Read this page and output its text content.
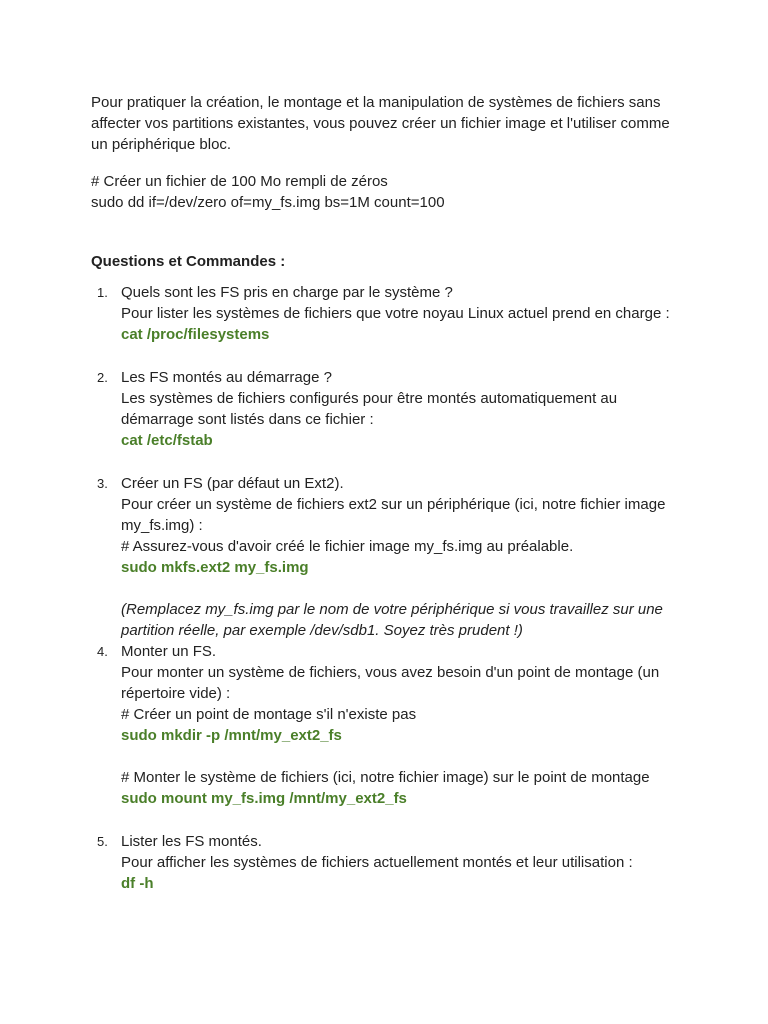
Pour pratiquer la création, le montage et la manipulation de systèmes de fichiers sans affecter vos partitions existantes, vous pouvez créer un fichier image et l'utiliser comme un périphérique bloc.

# Créer un fichier de 100 Mo rempli de zéros
sudo dd if=/dev/zero of=my_fs.img bs=1M count=100

Questions et Commandes :

1. Quels sont les FS pris en charge par le système ?
Pour lister les systèmes de fichiers que votre noyau Linux actuel prend en charge :
cat /proc/filesystems
2. Les FS montés au démarrage ?
Les systèmes de fichiers configurés pour être montés automatiquement au démarrage sont listés dans ce fichier :
cat /etc/fstab
3. Créer un FS (par défaut un Ext2).
Pour créer un système de fichiers ext2 sur un périphérique (ici, notre fichier image my_fs.img) :
# Assurez-vous d'avoir créé le fichier image my_fs.img au préalable.
sudo mkfs.ext2 my_fs.img
(Remplacez my_fs.img par le nom de votre périphérique si vous travaillez sur une partition réelle, par exemple /dev/sdb1. Soyez très prudent !)
4. Monter un FS.
Pour monter un système de fichiers, vous avez besoin d'un point de montage (un répertoire vide) :
# Créer un point de montage s'il n'existe pas
sudo mkdir -p /mnt/my_ext2_fs
# Monter le système de fichiers (ici, notre fichier image) sur le point de montage
sudo mount my_fs.img /mnt/my_ext2_fs
5. Lister les FS montés.
Pour afficher les systèmes de fichiers actuellement montés et leur utilisation :
df -h
